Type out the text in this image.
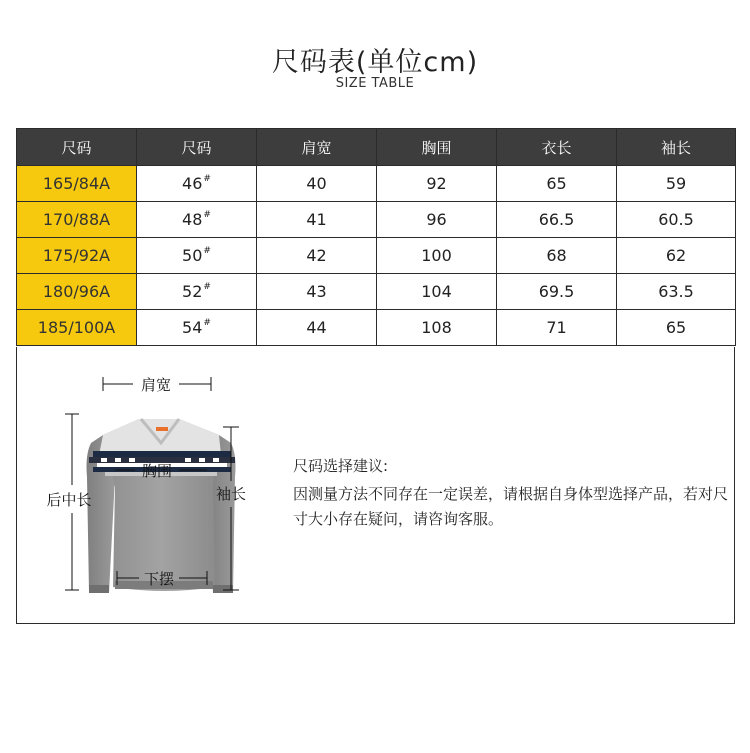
尺码表(单位cm)
SIZE TABLE
尺码	尺码	肩宽	胸围	衣长	袖长
165/84A	46#	40	92	65	59
170/88A	48#	41	96	66.5	60.5
175/92A	50#	42	100	68	62
180/96A	52#	43	104	69.5	63.5
185/100A	54#	44	108	71	65
肩宽
后中长	袖长
胸围
下摆
尺码选择建议:
因测量方法不同存在一定误差，请根据自身体型选择产品，若对尺寸大小存在疑问，请咨询客服。
